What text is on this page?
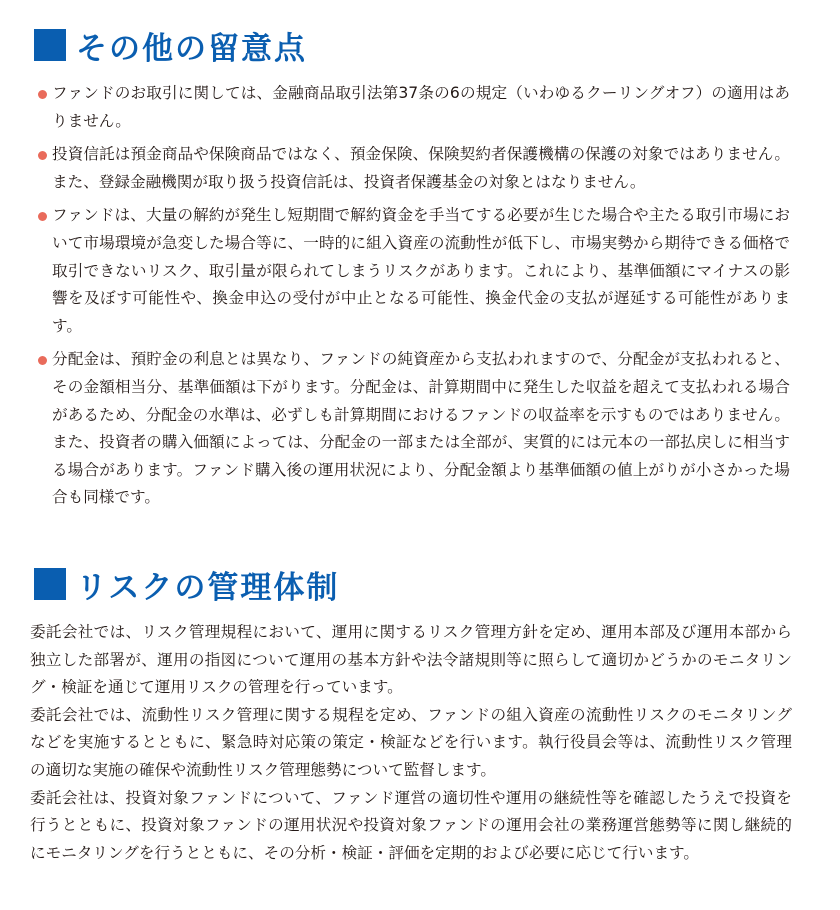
その他の留意点
ファンドのお取引に関しては、金融商品取引法第37条の6の規定（いわゆるクーリングオフ）の適用はありません。
投資信託は預金商品や保険商品ではなく、預金保険、保険契約者保護機構の保護の対象ではありません。また、登録金融機関が取り扱う投資信託は、投資者保護基金の対象とはなりません。
ファンドは、大量の解約が発生し短期間で解約資金を手当てする必要が生じた場合や主たる取引市場において市場環境が急変した場合等に、一時的に組入資産の流動性が低下し、市場実勢から期待できる価格で取引できないリスク、取引量が限られてしまうリスクがあります。これにより、基準価額にマイナスの影響を及ぼす可能性や、換金申込の受付が中止となる可能性、換金代金の支払が遅延する可能性があります。
分配金は、預貯金の利息とは異なり、ファンドの純資産から支払われますので、分配金が支払われると、その金額相当分、基準価額は下がります。分配金は、計算期間中に発生した収益を超えて支払われる場合があるため、分配金の水準は、必ずしも計算期間におけるファンドの収益率を示すものではありません。また、投資者の購入価額によっては、分配金の一部または全部が、実質的には元本の一部払戻しに相当する場合があります。ファンド購入後の運用状況により、分配金額より基準価額の値上がりが小さかった場合も同様です。
リスクの管理体制

委託会社では、リスク管理規程において、運用に関するリスク管理方針を定め、運用本部及び運用本部から独立した部署が、運用の指図について運用の基本方針や法令諸規則等に照らして適切かどうかのモニタリング・検証を通じて運用リスクの管理を行っています。

委託会社では、流動性リスク管理に関する規程を定め、ファンドの組入資産の流動性リスクのモニタリングなどを実施するとともに、緊急時対応策の策定・検証などを行います。執行役員会等は、流動性リスク管理の適切な実施の確保や流動性リスク管理態勢について監督します。

委託会社は、投資対象ファンドについて、ファンド運営の適切性や運用の継続性等を確認したうえで投資を行うとともに、投資対象ファンドの運用状況や投資対象ファンドの運用会社の業務運営態勢等に関し継続的にモニタリングを行うとともに、その分析・検証・評価を定期的および必要に応じて行います。
